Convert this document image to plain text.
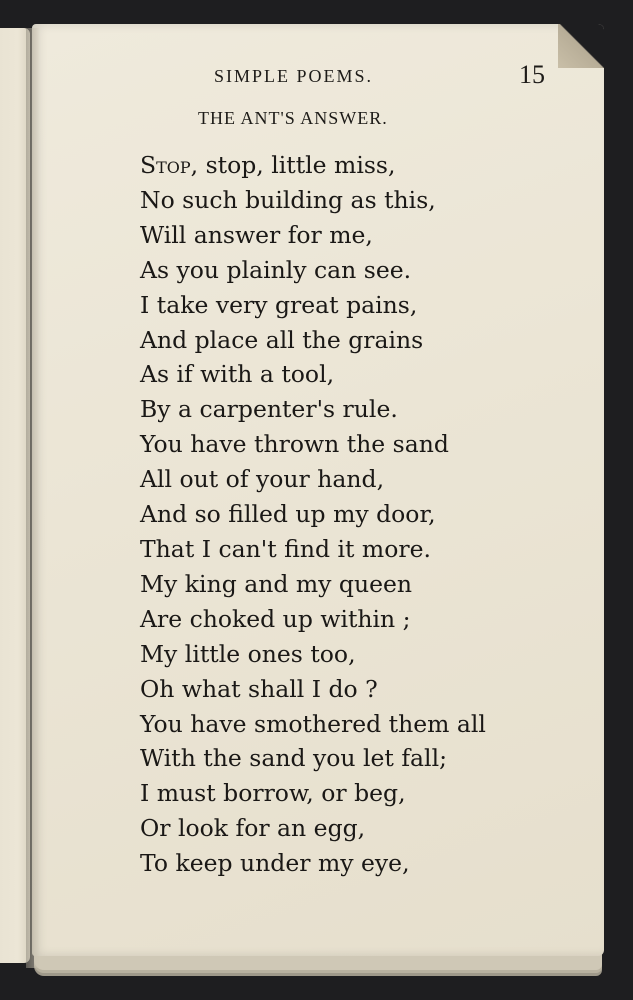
SIMPLE POEMS.	15
THE ANT'S ANSWER.
Stop, stop, little miss,
No such building as this,
Will answer for me,
As you plainly can see.
I take very great pains,
And place all the grains
As if with a tool,
By a carpenter's rule.
You have thrown the sand
All out of your hand,
And so filled up my door,
That I can't find it more.
My king and my queen
Are choked up within ;
My little ones too,
Oh what shall I do ?
You have smothered them all
With the sand you let fall;
I must borrow, or beg,
Or look for an egg,
To keep under my eye,
